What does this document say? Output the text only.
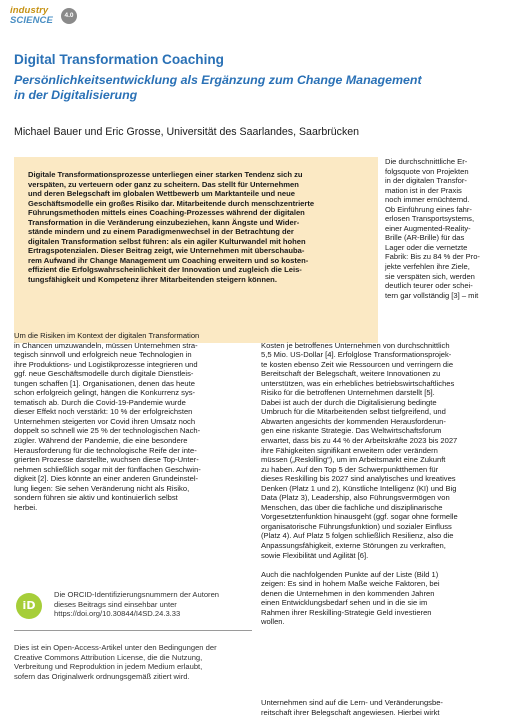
industry
SCIENCE	4.0
Digital Transformation Coaching
Persönlichkeitsentwicklung als Ergänzung zum Change Management
in der Digitalisierung
Michael Bauer und Eric Grosse, Universität des Saarlandes, Saarbrücken
Digitale Transformationsprozesse unterliegen einer starken Tendenz sich zu
verspäten, zu verteuern oder ganz zu scheitern. Das stellt für Unternehmen
und deren Belegschaft im globalen Wettbewerb um Marktanteile und neue
Geschäftsmodelle ein großes Risiko dar. Mitarbeitende durch menschzentrierte
Führungsmethoden mittels eines Coaching-Prozesses während der digitalen
Transformation in die Veränderung einzubeziehen, kann Ängste und Wider-
stände mindern und zu einem Paradigmenwechsel in der Betrachtung der
digitalen Transformation selbst führen: als ein agiler Kulturwandel mit hohen
Ertragspotenzialen. Dieser Beitrag zeigt, wie Unternehmen mit überschauba-
rem Aufwand ihr Change Management um Coaching erweitern und so kosten-
effizient die Erfolgswahrscheinlichkeit der Innovation und zugleich die Leis-
tungsfähigkeit und Kompetenz ihrer Mitarbeitenden steigern können.
Die durchschnittliche Er-
folgsquote von Projekten
in der digitalen Transfor-
mation ist in der Praxis
noch immer ernüchternd.
Ob Einführung eines fahr-
erlosen Transportsystems,
einer Augmented-Reality-
Brille (AR-Brille) für das
Lager oder die vernetzte
Fabrik: Bis zu 84 % der Pro-
jekte verfehlen ihre Ziele,
sie verspäten sich, werden
deutlich teurer oder schei-
tern gar vollständig [3] – mit
Um die Risiken im Kontext der digitalen Transformation
in Chancen umzuwandeln, müssen Unternehmen stra-
tegisch sinnvoll und erfolgreich neue Technologien in
ihre Produktions- und Logistikprozesse integrieren und
ggf. neue Geschäftsmodelle durch digitale Dienstleis-
tungen schaffen [1]. Organisationen, denen das heute
schon erfolgreich gelingt, hängen die Konkurrenz sys-
tematisch ab. Durch die Covid-19-Pandemie wurde
dieser Effekt noch verstärkt: 10 % der erfolgreichsten
Unternehmen steigerten vor Covid ihren Umsatz noch
doppelt so schnell wie 25 % der technologischen Nach-
zügler. Während der Pandemie, die eine besondere
Herausforderung für die technologische Reife der inte-
grierten Prozesse darstellte, wuchsen diese Top-Unter-
nehmen schließlich sogar mit der fünffachen Geschwin-
digkeit [2]. Dies könnte an einer anderen Grundeinstel-
lung liegen: Sie sehen Veränderung nicht als Risiko,
sondern führen sie aktiv und kontinuierlich selbst
herbei.

Kosten je betroffenes Unternehmen von durchschnittlich
5,5 Mio. US-Dollar [4]. Erfolglose Transformationsprojek-
te kosten ebenso Zeit wie Ressourcen und verringern die
Bereitschaft der Belegschaft, weitere Innovationen zu
unterstützen, was ein erhebliches betriebswirtschaftliches
Risiko für die betroffenen Unternehmen darstellt [5].
Dabei ist auch der durch die Digitalisierung bedingte
Umbruch für die Mitarbeitenden selbst tiefgreifend, und
Abwarten angesichts der kommenden Herausforderun-
gen eine riskante Strategie. Das Weltwirtschaftsforum
erwartet, dass bis zu 44 % der Arbeitskräfte 2023 bis 2027
ihre Fähigkeiten signifikant erweitern oder verändern
müssen („Reskilling“), um im Arbeitsmarkt eine Zukunft
zu haben. Auf den Top 5 der Schwerpunktthemen für
dieses Reskilling bis 2027 sind analytisches und kreatives
Denken (Platz 1 und 2), Künstliche Intelligenz (KI) und Big
Data (Platz 3), Leadership, also Führungsvermögen von
Menschen, das über die fachliche und disziplinarische
Vorgesetztenfunktion hinausgeht (ggf. sogar ohne formelle
organisatorische Führungsfunktion) und sozialer Einfluss
(Platz 4). Auf Platz 5 folgen schließlich Resilienz, also die
Anpassungsfähigkeit, externe Störungen zu verkraften,
sowie Flexibilität und Agilität [6].

Auch die nachfolgenden Punkte auf der Liste (Bild 1)
zeigen: Es sind in hohem Maße weiche Faktoren, bei
denen die Unternehmen in den kommenden Jahren
einen Entwicklungsbedarf sehen und in die sie im
Rahmen ihrer Reskilling-Strategie Geld investieren
wollen.

Unternehmen sind auf die Lern- und Veränderungsbe-
reitschaft ihrer Belegschaft angewiesen. Hierbei wirkt

iD
Die ORCID-Identifizierungsnummern der Autoren
dieses Beitrags sind einsehbar unter
https://doi.org/10.30844/I4SD.24.3.33
Dies ist ein Open-Access-Artikel unter den Bedingungen der
Creative Commons Attribution License, die die Nutzung,
Verbreitung und Reproduktion in jedem Medium erlaubt,
sofern das Originalwerk ordnungsgemäß zitiert wird.
